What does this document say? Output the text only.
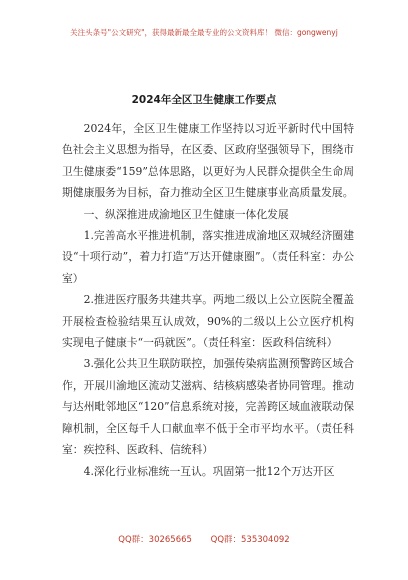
关注头条号"公文研究"，获得最新最全最专业的公文资料库！ 微信：gongwenyj
2024年全区卫生健康工作要点

2024年，全区卫生健康工作坚持以习近平新时代中国特色社会主义思想为指导，在区委、区政府坚强领导下，围绕市卫生健康委“159”总体思路，以更好为人民群众提供全生命周期健康服务为目标，奋力推动全区卫生健康事业高质量发展。

一、纵深推进成渝地区卫生健康一体化发展

1.完善高水平推进机制，落实推进成渝地区双城经济圈建设“十项行动”，着力打造“万达开健康圈”。（责任科室：办公室）

2.推进医疗服务共建共享。两地二级以上公立医院全覆盖开展检查检验结果互认成效，90%的二级以上公立医疗机构实现电子健康卡“一码就医”。（责任科室：医政科信统科）

3.强化公共卫生联防联控，加强传染病监测预警跨区域合作，开展川渝地区流动艾滋病、结核病感染者协同管理。推动与达州毗邻地区“120”信息系统对接，完善跨区域血液联动保障机制，全区每千人口献血率不低于全市平均水平。（责任科室：疾控科、医政科、信统科）

4.深化行业标准统一互认。巩固第一批12个万达开区

QQ群：30265665 QQ群：535304092
